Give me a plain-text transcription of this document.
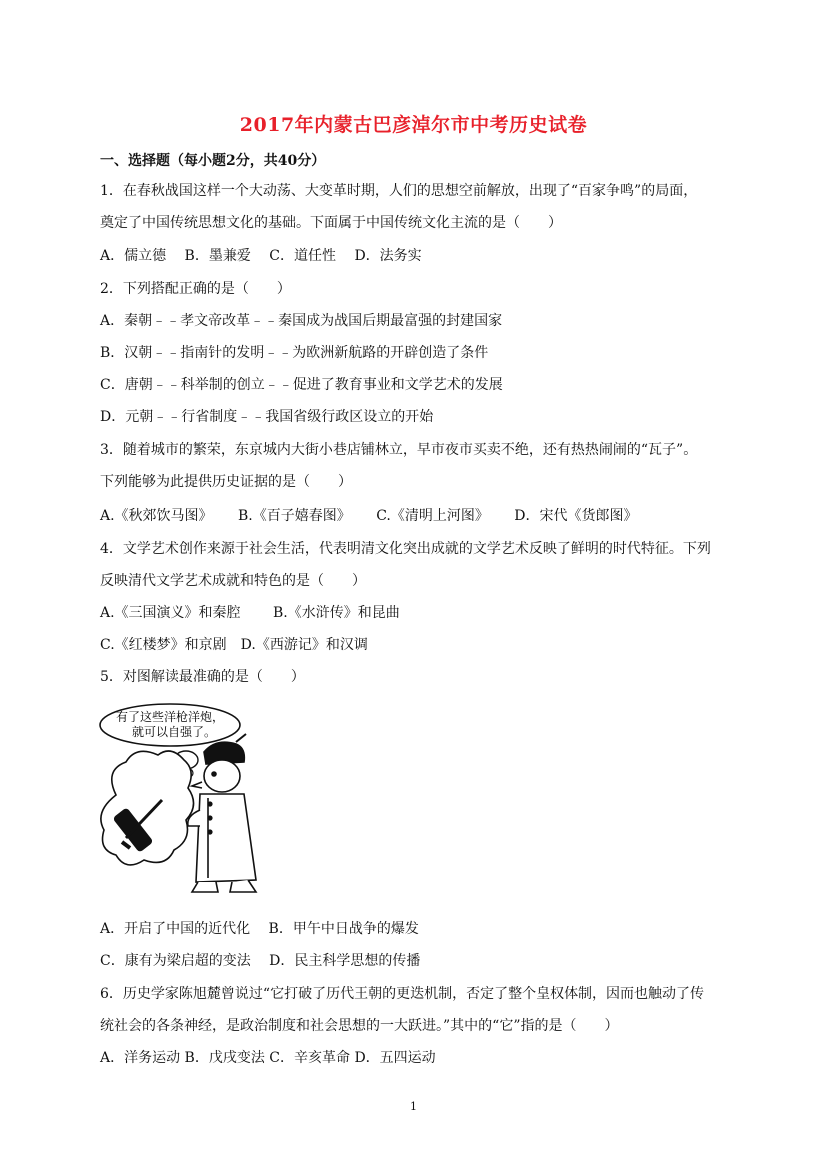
2017年内蒙古巴彦淖尔市中考历史试卷
一、选择题（每小题2分，共40分）
1．在春秋战国这样一个大动荡、大变革时期，人们的思想空前解放，出现了“百家争鸣”的局面，
奠定了中国传统思想文化的基础。下面属于中国传统文化主流的是（　　）
A．儒立德　 B．墨兼爱　 C．道任性　 D．法务实
2．下列搭配正确的是（　　）
A．秦朝﹣﹣孝文帝改革﹣﹣秦国成为战国后期最富强的封建国家
B．汉朝﹣﹣指南针的发明﹣﹣为欧洲新航路的开辟创造了条件
C．唐朝﹣﹣科举制的创立﹣﹣促进了教育事业和文学艺术的发展
D．元朝﹣﹣行省制度﹣﹣我国省级行政区设立的开始
3．随着城市的繁荣，东京城内大街小巷店铺林立，早市夜市买卖不绝，还有热热闹闹的“瓦子”。
下列能够为此提供历史证据的是（　　）
A.《秋郊饮马图》　　 B.《百子嬉春图》　　 C.《清明上河图》　　 D．宋代《货郎图》
4．文学艺术创作来源于社会生活，代表明清文化突出成就的文学艺术反映了鲜明的时代特征。下列
反映清代文学艺术成就和特色的是（　　）
A.《三国演义》和秦腔　　 B.《水浒传》和昆曲
C.《红楼梦》和京剧　D.《西游记》和汉调
5．对图解读最准确的是（　　）
有了这些洋枪洋炮，
就可以自强了。
A．开启了中国的近代化　 B．甲午中日战争的爆发
C．康有为梁启超的变法　 D．民主科学思想的传播
6．历史学家陈旭麓曾说过“它打破了历代王朝的更迭机制，否定了整个皇权体制，因而也触动了传
统社会的各条神经，是政治制度和社会思想的一大跃进。”其中的“它”指的是（　　）
A．洋务运动 B．戊戌变法 C．辛亥革命 D．五四运动
1
